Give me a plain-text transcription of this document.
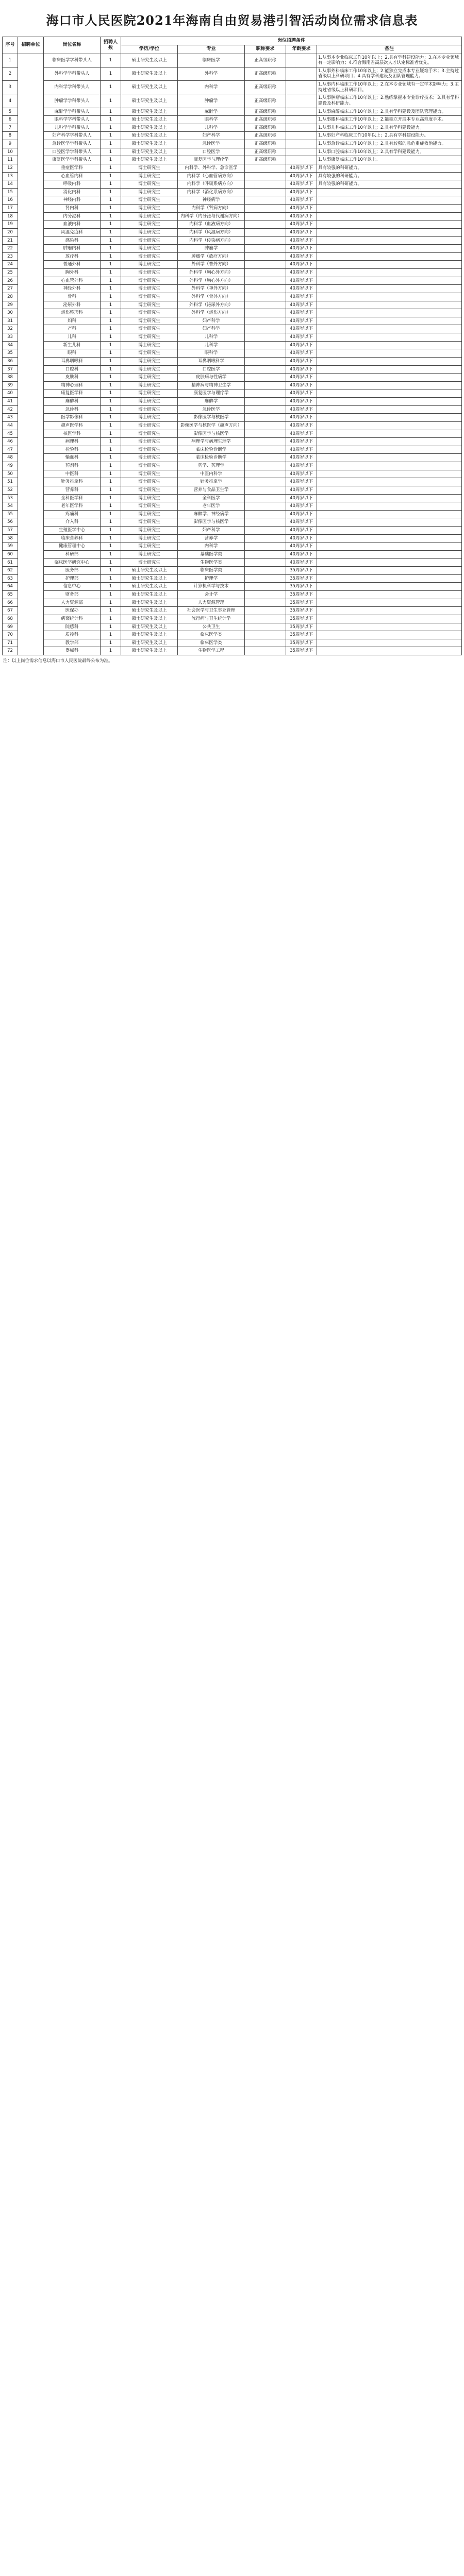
海口市人民医院2021年海南自由贸易港引智活动岗位需求信息表
序号	招聘单位	岗位名称	招聘人数	岗位招聘条件				
				学历/学位	专业	职称要求	年龄要求	备注
1		临床医学学科带头人	1	硕士研究生及以上	临床医学	正高级职称		1.从事本专业临床工作10年以上；2.具有学科建设能力；3.在本专业领域有一定影响力；4.符合海南省高层次人才认定标准者优先。
2		外科学学科带头人	1	硕士研究生及以上	外科学	正高级职称		1.从事外科临床工作10年以上；2.能独立完成本专业疑难手术；3.主持过省级以上科研项目；4.具有学科建设及团队管理能力。
3		内科学学科带头人	1	硕士研究生及以上	内科学	正高级职称		1.从事内科临床工作10年以上；2.在本专业领域有一定学术影响力；3.主持过省级以上科研项目。
4		肿瘤学学科带头人	1	硕士研究生及以上	肿瘤学	正高级职称		1.从事肿瘤临床工作10年以上；2.熟练掌握本专业诊疗技术；3.具有学科建设及科研能力。
5		麻醉学学科带头人	1	硕士研究生及以上	麻醉学	正高级职称		1.从事麻醉临床工作10年以上；2.具有学科建设及团队管理能力。
6		眼科学学科带头人	1	硕士研究生及以上	眼科学	正高级职称		1.从事眼科临床工作10年以上；2.能独立开展本专业高难度手术。
7		儿科学学科带头人	1	硕士研究生及以上	儿科学	正高级职称		1.从事儿科临床工作10年以上；2.具有学科建设能力。
8		妇产科学学科带头人	1	硕士研究生及以上	妇产科学	正高级职称		1.从事妇产科临床工作10年以上；2.具有学科建设能力。
9		急诊医学学科带头人	1	硕士研究生及以上	急诊医学	正高级职称		1.从事急诊临床工作10年以上；2.具有较强的急危重症救治能力。
10		口腔医学学科带头人	1	硕士研究生及以上	口腔医学	正高级职称		1.从事口腔临床工作10年以上；2.具有学科建设能力。
11		康复医学学科带头人	1	硕士研究生及以上	康复医学与理疗学	正高级职称		1.从事康复临床工作10年以上。
12		重症医学科	1	博士研究生	内科学、外科学、急诊医学		40周岁以下	具有较强的科研能力。
13		心血管内科	1	博士研究生	内科学（心血管病方向）		40周岁以下	具有较强的科研能力。
14		呼吸内科	1	博士研究生	内科学（呼吸系病方向）		40周岁以下	具有较强的科研能力。
15		消化内科	1	博士研究生	内科学（消化系病方向）		40周岁以下	
16		神经内科	1	博士研究生	神经病学		40周岁以下	
17		肾内科	1	博士研究生	内科学（肾病方向）		40周岁以下	
18		内分泌科	1	博士研究生	内科学（内分泌与代谢病方向）		40周岁以下	
19		血液内科	1	博士研究生	内科学（血液病方向）		40周岁以下	
20		风湿免疫科	1	博士研究生	内科学（风湿病方向）		40周岁以下	
21		感染科	1	博士研究生	内科学（传染病方向）		40周岁以下	
22		肿瘤内科	1	博士研究生	肿瘤学		40周岁以下	
23		放疗科	1	博士研究生	肿瘤学（放疗方向）		40周岁以下	
24		普通外科	1	博士研究生	外科学（普外方向）		40周岁以下	
25		胸外科	1	博士研究生	外科学（胸心外方向）		40周岁以下	
26		心血管外科	1	博士研究生	外科学（胸心外方向）		40周岁以下	
27		神经外科	1	博士研究生	外科学（神外方向）		40周岁以下	
28		骨科	1	博士研究生	外科学（骨外方向）		40周岁以下	
29		泌尿外科	1	博士研究生	外科学（泌尿外方向）		40周岁以下	
30		烧伤整形科	1	博士研究生	外科学（烧伤方向）		40周岁以下	
31		妇科	1	博士研究生	妇产科学		40周岁以下	
32		产科	1	博士研究生	妇产科学		40周岁以下	
33		儿科	1	博士研究生	儿科学		40周岁以下	
34		新生儿科	1	博士研究生	儿科学		40周岁以下	
35		眼科	1	博士研究生	眼科学		40周岁以下	
36		耳鼻咽喉科	1	博士研究生	耳鼻咽喉科学		40周岁以下	
37		口腔科	1	博士研究生	口腔医学		40周岁以下	
38		皮肤科	1	博士研究生	皮肤病与性病学		40周岁以下	
39		精神心理科	1	博士研究生	精神病与精神卫生学		40周岁以下	
40		康复医学科	1	博士研究生	康复医学与理疗学		40周岁以下	
41		麻醉科	1	博士研究生	麻醉学		40周岁以下	
42		急诊科	1	博士研究生	急诊医学		40周岁以下	
43		医学影像科	1	博士研究生	影像医学与核医学		40周岁以下	
44		超声医学科	1	博士研究生	影像医学与核医学（超声方向）		40周岁以下	
45		核医学科	1	博士研究生	影像医学与核医学		40周岁以下	
46		病理科	1	博士研究生	病理学与病理生理学		40周岁以下	
47		检验科	1	博士研究生	临床检验诊断学		40周岁以下	
48		输血科	1	博士研究生	临床检验诊断学		40周岁以下	
49		药剂科	1	博士研究生	药学、药理学		40周岁以下	
50		中医科	1	博士研究生	中医内科学		40周岁以下	
51		针灸推拿科	1	博士研究生	针灸推拿学		40周岁以下	
52		营养科	1	博士研究生	营养与食品卫生学		40周岁以下	
53		全科医学科	1	博士研究生	全科医学		40周岁以下	
54		老年医学科	1	博士研究生	老年医学		40周岁以下	
55		疼痛科	1	博士研究生	麻醉学、神经病学		40周岁以下	
56		介入科	1	博士研究生	影像医学与核医学		40周岁以下	
57		生殖医学中心	1	博士研究生	妇产科学		40周岁以下	
58		临床营养科	1	博士研究生	营养学		40周岁以下	
59		健康管理中心	1	博士研究生	内科学		40周岁以下	
60		科研部	1	博士研究生	基础医学类		40周岁以下	
61		临床医学研究中心	1	博士研究生	生物医学类		40周岁以下	
62		医务部	1	硕士研究生及以上	临床医学类		35周岁以下	
63		护理部	1	硕士研究生及以上	护理学		35周岁以下	
64		信息中心	1	硕士研究生及以上	计算机科学与技术		35周岁以下	
65		财务部	1	硕士研究生及以上	会计学		35周岁以下	
66		人力资源部	1	硕士研究生及以上	人力资源管理		35周岁以下	
67		医保办	1	硕士研究生及以上	社会医学与卫生事业管理		35周岁以下	
68		病案统计科	1	硕士研究生及以上	流行病与卫生统计学		35周岁以下	
69		院感科	1	硕士研究生及以上	公共卫生		35周岁以下	
70		质控科	1	硕士研究生及以上	临床医学类		35周岁以下	
71		教学部	1	硕士研究生及以上	临床医学类		35周岁以下	
72		器械科	1	硕士研究生及以上	生物医学工程		35周岁以下	
注：以上岗位需求信息以海口市人民医院最终公布为准。
